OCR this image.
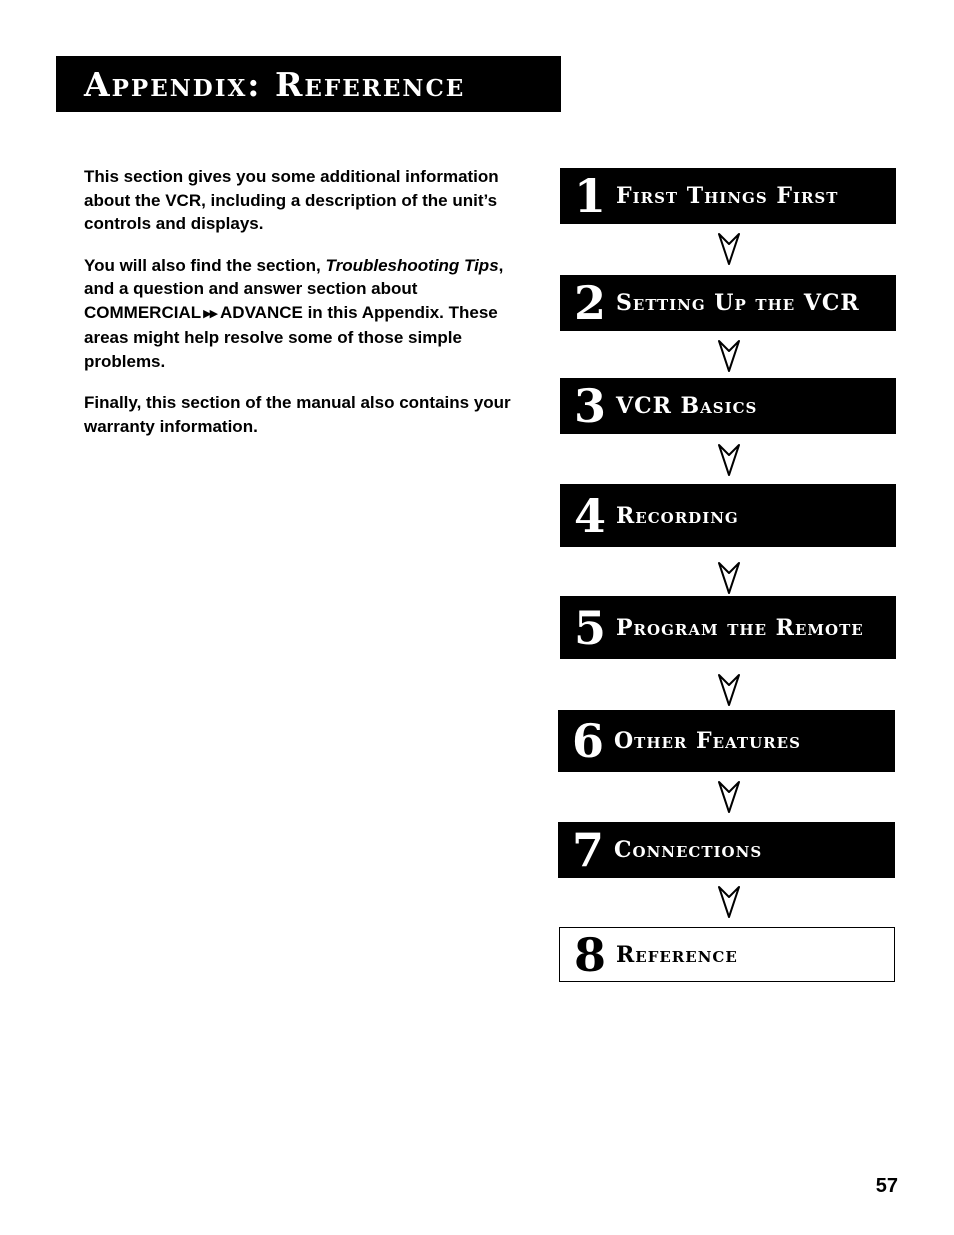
Appendix: Reference

This section gives you some additional information about the VCR, including a description of the unit’s controls and displays.

You will also find the section, Troubleshooting Tips, and a question and answer section about COMMERCIAL ▶▶ ADVANCE in this Appendix. These areas might help resolve some of those simple problems.

Finally, this section of the manual also contains your warranty information.

1 First Things First
2 Setting Up the VCR
3 VCR Basics
4 Recording
5 Program the Remote
6 Other Features
7 Connections
8 Reference
57
